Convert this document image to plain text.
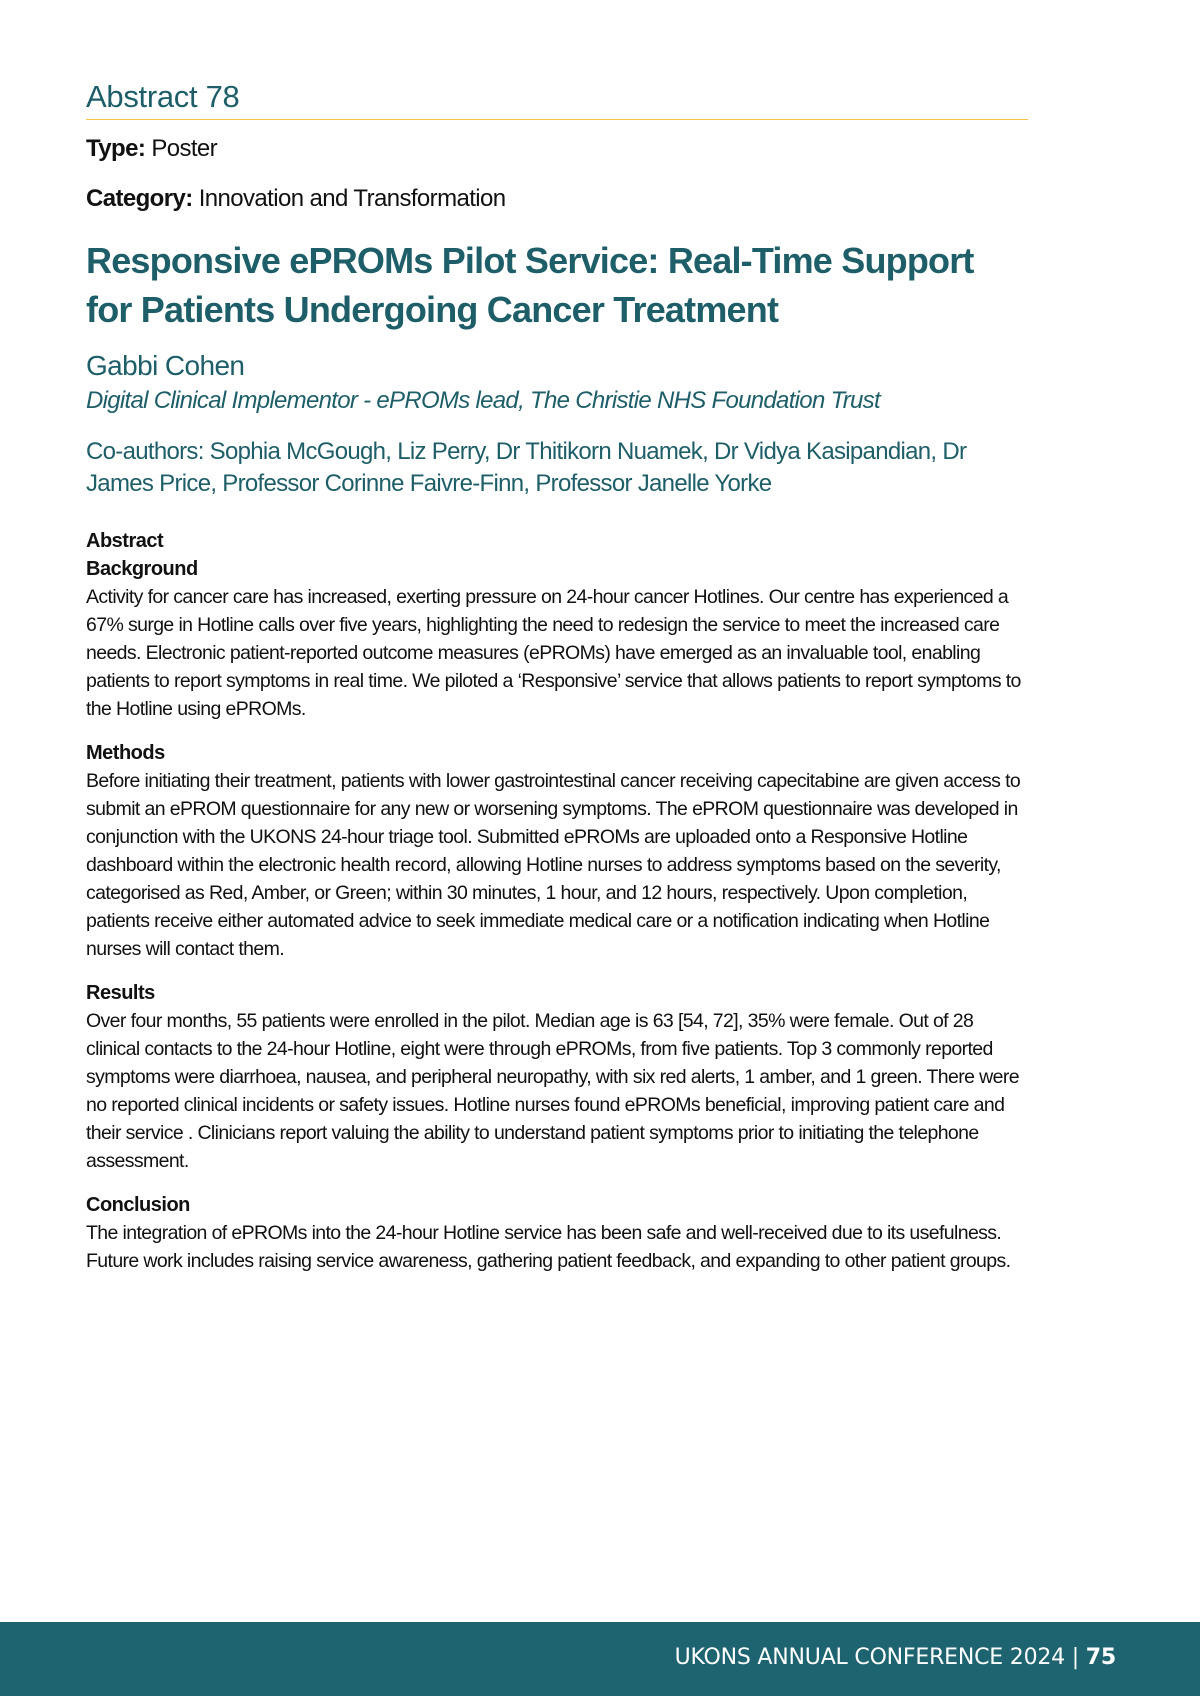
Abstract 78

Type: Poster

Category: Innovation and Transformation

Responsive ePROMs Pilot Service: Real-Time Support for Patients Undergoing Cancer Treatment

Gabbi Cohen

Digital Clinical Implementor - ePROMs lead, The Christie NHS Foundation Trust

Co-authors: Sophia McGough, Liz Perry, Dr Thitikorn Nuamek, Dr Vidya Kasipandian, Dr James Price, Professor Corinne Faivre-Finn, Professor Janelle Yorke

Abstract
Background

Activity for cancer care has increased, exerting pressure on 24-hour cancer Hotlines. Our centre has experienced a 67% surge in Hotline calls over five years, highlighting the need to redesign the service to meet the increased care needs. Electronic patient-reported outcome measures (ePROMs) have emerged as an invaluable tool, enabling patients to report symptoms in real time. We piloted a ‘Responsive’ service that allows patients to report symptoms to the Hotline using ePROMs.

Methods

Before initiating their treatment, patients with lower gastrointestinal cancer receiving capecitabine are given access to submit an ePROM questionnaire for any new or worsening symptoms. The ePROM questionnaire was developed in conjunction with the UKONS 24-hour triage tool. Submitted ePROMs are uploaded onto a Responsive Hotline dashboard within the electronic health record, allowing Hotline nurses to address symptoms based on the severity, categorised as Red, Amber, or Green; within 30 minutes, 1 hour, and 12 hours, respectively. Upon completion, patients receive either automated advice to seek immediate medical care or a notification indicating when Hotline nurses will contact them.

Results

Over four months, 55 patients were enrolled in the pilot. Median age is 63 [54, 72], 35% were female. Out of 28 clinical contacts to the 24-hour Hotline, eight were through ePROMs, from five patients. Top 3 commonly reported symptoms were diarrhoea, nausea, and peripheral neuropathy, with six red alerts, 1 amber, and 1 green. There were no reported clinical incidents or safety issues. Hotline nurses found ePROMs beneficial, improving patient care and their service . Clinicians report valuing the ability to understand patient symptoms prior to initiating the telephone assessment.

Conclusion

The integration of ePROMs into the 24-hour Hotline service has been safe and well-received due to its usefulness. Future work includes raising service awareness, gathering patient feedback, and expanding to other patient groups.

UKONS ANNUAL CONFERENCE 2024 | 75
